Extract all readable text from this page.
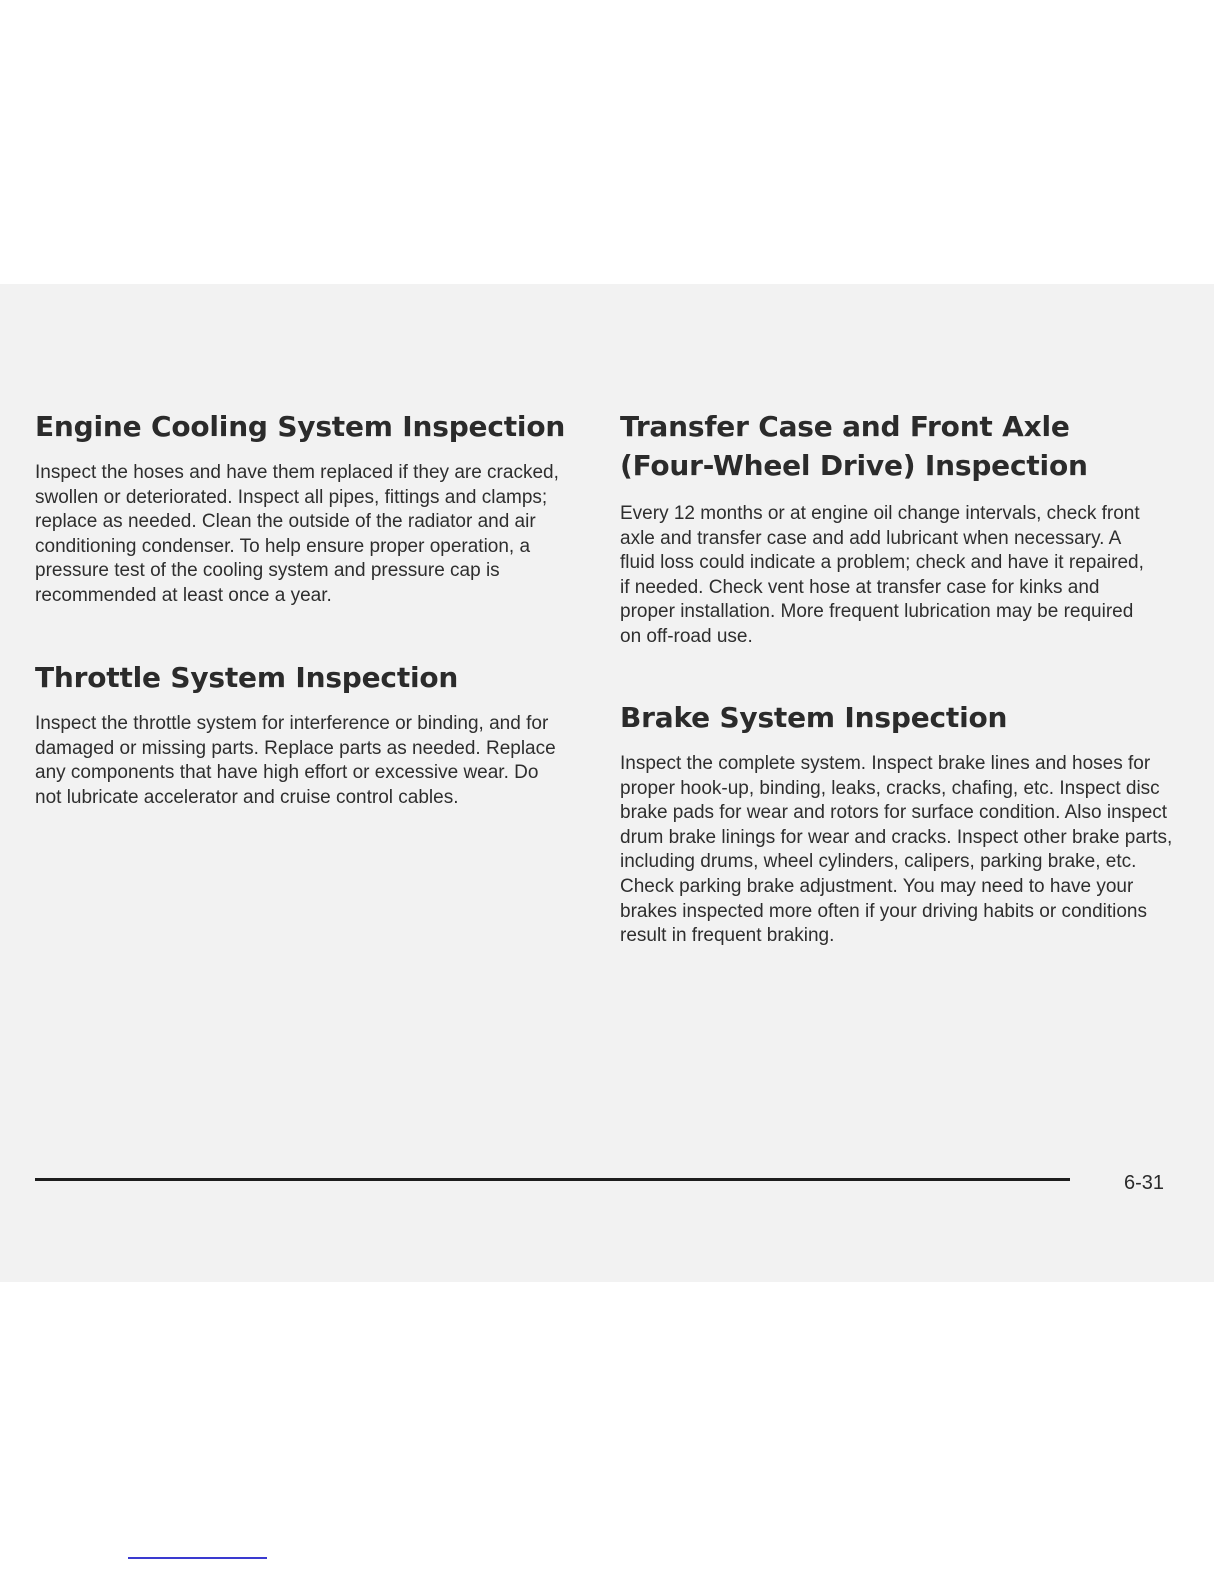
Engine Cooling System Inspection

Inspect the hoses and have them replaced if they are cracked, swollen or deteriorated. Inspect all pipes, fittings and clamps; replace as needed. Clean the outside of the radiator and air conditioning condenser. To help ensure proper operation, a pressure test of the cooling system and pressure cap is recommended at least once a year.

Throttle System Inspection

Inspect the throttle system for interference or binding, and for damaged or missing parts. Replace parts as needed. Replace any components that have high effort or excessive wear. Do not lubricate accelerator and cruise control cables.

Transfer Case and Front Axle
(Four-Wheel Drive) Inspection

Every 12 months or at engine oil change intervals, check front axle and transfer case and add lubricant when necessary. A fluid loss could indicate a problem; check and have it repaired, if needed. Check vent hose at transfer case for kinks and proper installation. More frequent lubrication may be required on off-road use.

Brake System Inspection

Inspect the complete system. Inspect brake lines and hoses for proper hook-up, binding, leaks, cracks, chafing, etc. Inspect disc brake pads for wear and rotors for surface condition. Also inspect drum brake linings for wear and cracks. Inspect other brake parts, including drums, wheel cylinders, calipers, parking brake, etc. Check parking brake adjustment. You may need to have your brakes inspected more often if your driving habits or conditions result in frequent braking.

6-31
